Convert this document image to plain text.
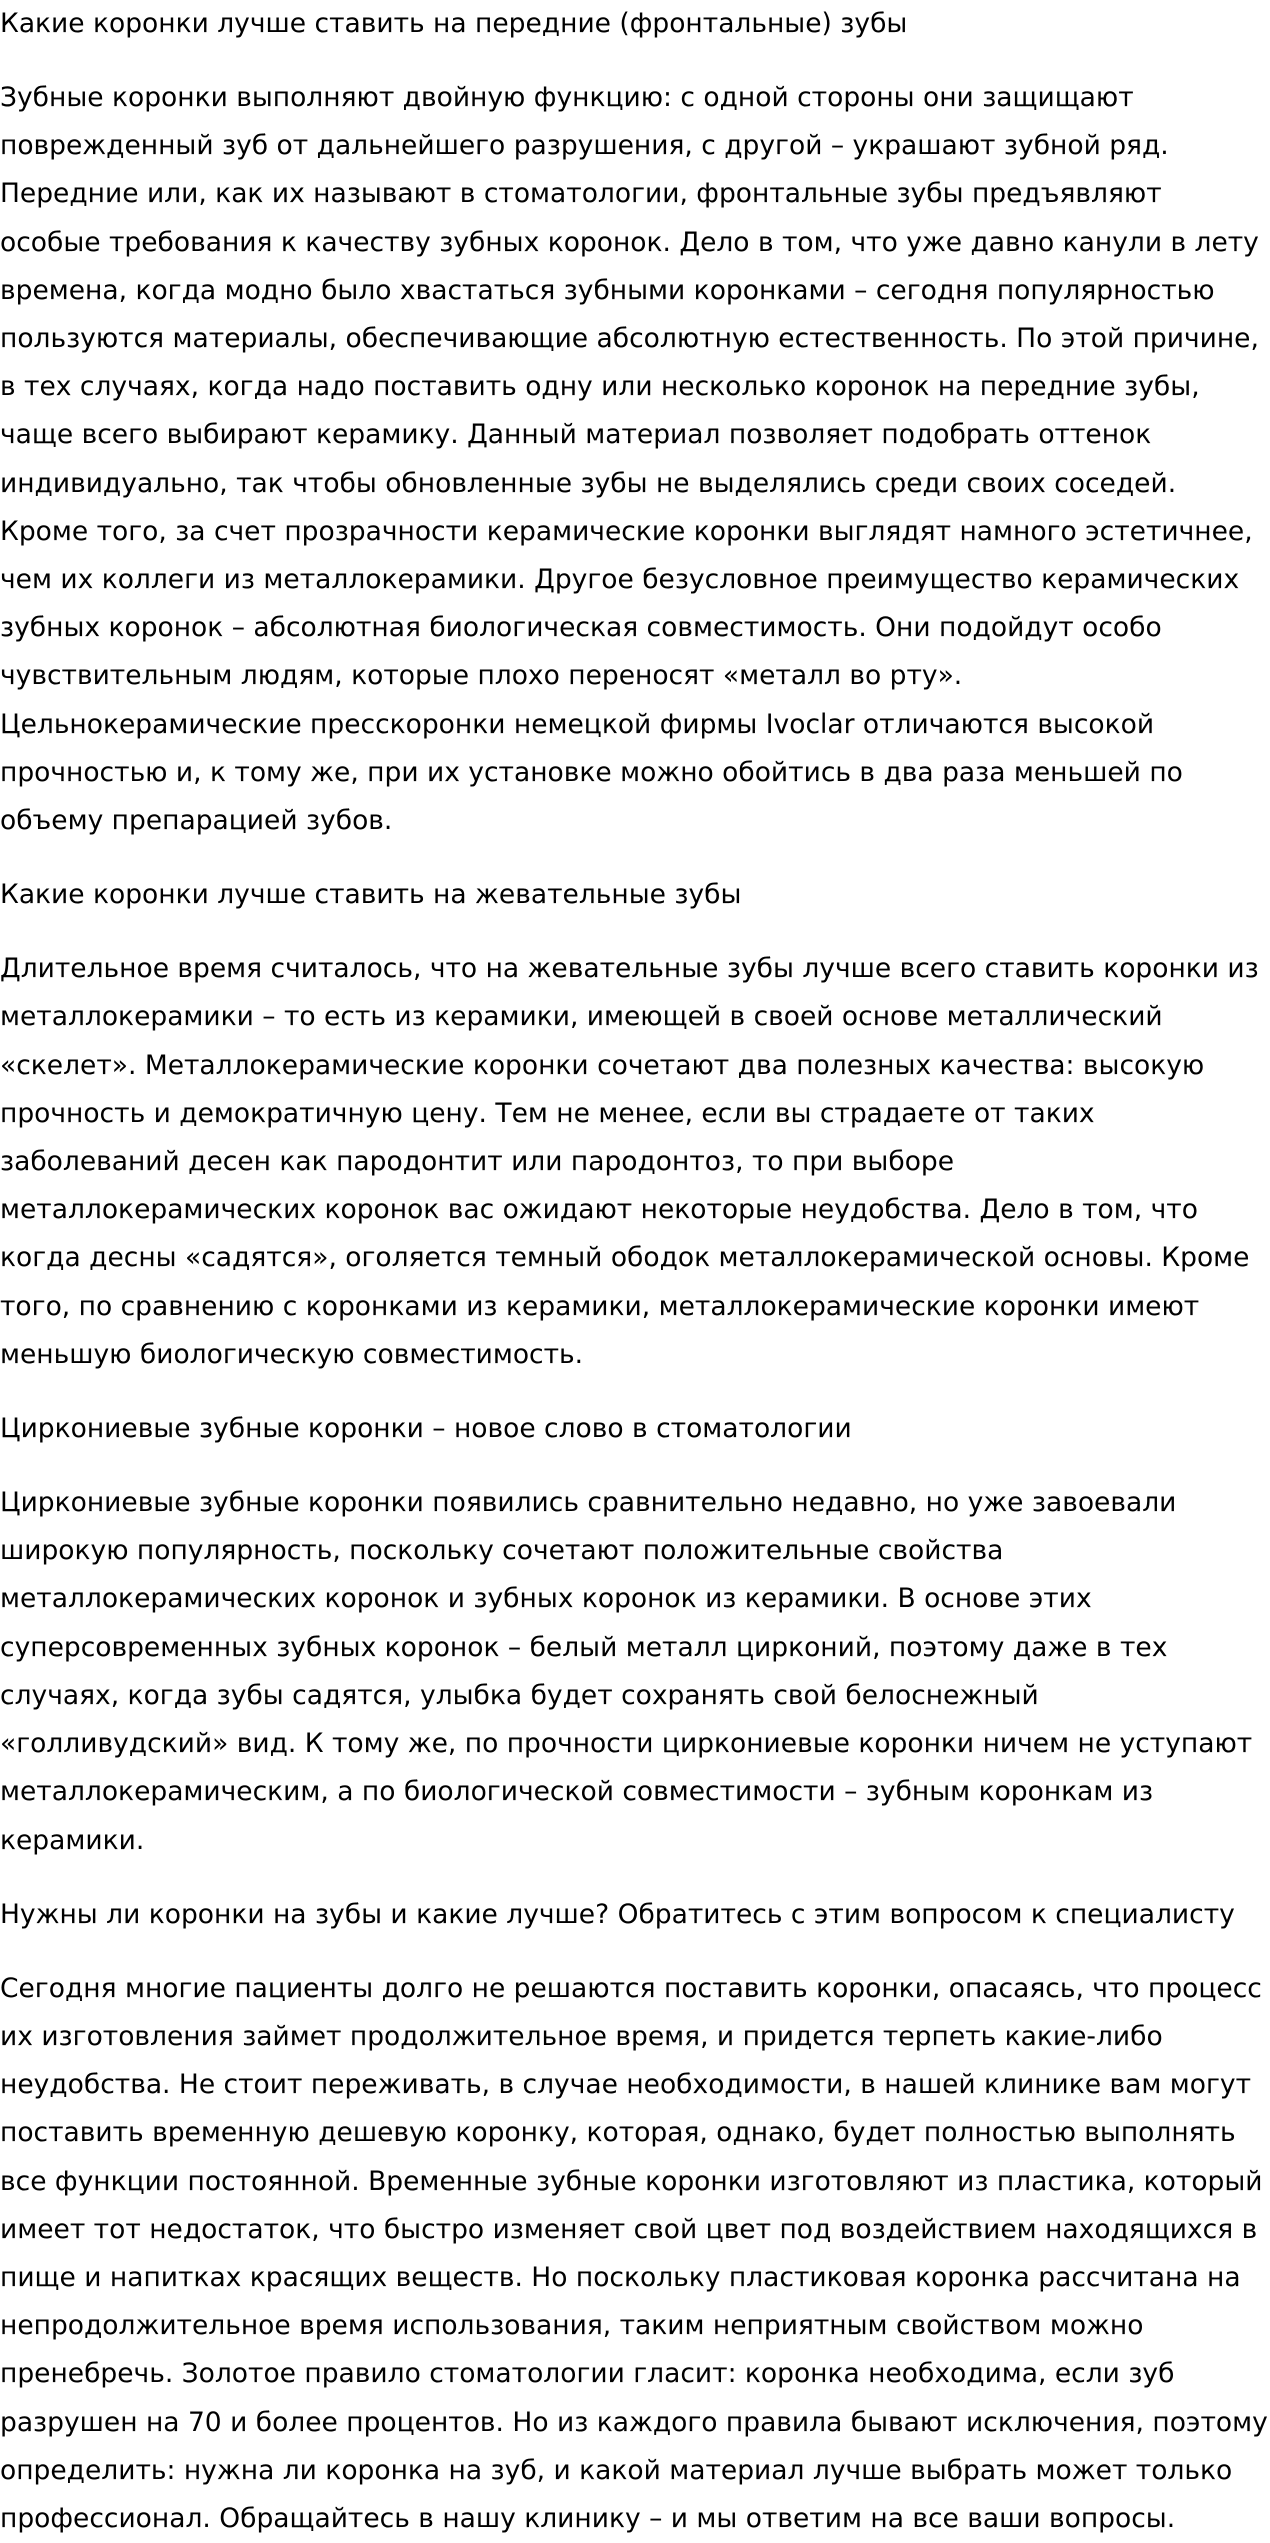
Какие коронки лучше ставить на передние (фронтальные) зубы

Зубные коронки выполняют двойную функцию: с одной стороны они защищают поврежденный зуб от дальнейшего разрушения, с другой – украшают зубной ряд. Передние или, как их называют в стоматологии, фронтальные зубы предъявляют особые требования к качеству зубных коронок. Дело в том, что уже давно канули в лету времена, когда модно было хвастаться зубными коронками – сегодня популярностью пользуются материалы, обеспечивающие абсолютную естественность. По этой причине, в тех случаях, когда надо поставить одну или несколько коронок на передние зубы, чаще всего выбирают керамику. Данный материал позволяет подобрать оттенок индивидуально, так чтобы обновленные зубы не выделялись среди своих соседей. Кроме того, за счет прозрачности керамические коронки выглядят намного эстетичнее, чем их коллеги из металлокерамики. Другое безусловное преимущество керамических зубных коронок – абсолютная биологическая совместимость. Они подойдут особо чувствительным людям, которые плохо переносят «металл во рту». Цельнокерамические пресскоронки немецкой фирмы Ivoclar отличаются высокой прочностью и, к тому же, при их установке можно обойтись в два раза меньшей по объему препарацией зубов.

Какие коронки лучше ставить на жевательные зубы

Длительное время считалось, что на жевательные зубы лучше всего ставить коронки из металлокерамики – то есть из керамики, имеющей в своей основе металлический «скелет». Металлокерамические коронки сочетают два полезных качества: высокую прочность и демократичную цену. Тем не менее, если вы страдаете от таких заболеваний десен как пародонтит или пародонтоз, то при выборе металлокерамических коронок вас ожидают некоторые неудобства. Дело в том, что когда десны «садятся», оголяется темный ободок металлокерамической основы. Кроме того, по сравнению с коронками из керамики, металлокерамические коронки имеют меньшую биологическую совместимость.

Циркониевые зубные коронки – новое слово в стоматологии

Циркониевые зубные коронки появились сравнительно недавно, но уже завоевали широкую популярность, поскольку сочетают положительные свойства металлокерамических коронок и зубных коронок из керамики. В основе этих суперсовременных зубных коронок – белый металл цирконий, поэтому даже в тех случаях, когда зубы садятся, улыбка будет сохранять свой белоснежный «голливудский» вид. К тому же, по прочности циркониевые коронки ничем не уступают металлокерамическим, а по биологической совместимости – зубным коронкам из керамики.

Нужны ли коронки на зубы и какие лучше? Обратитесь с этим вопросом к специалисту

Сегодня многие пациенты долго не решаются поставить коронки, опасаясь, что процесс их изготовления займет продолжительное время, и придется терпеть какие-либо неудобства. Не стоит переживать, в случае необходимости, в нашей клинике вам могут поставить временную дешевую коронку, которая, однако, будет полностью выполнять все функции постоянной. Временные зубные коронки изготовляют из пластика, который имеет тот недостаток, что быстро изменяет свой цвет под воздействием находящихся в пище и напитках красящих веществ. Но поскольку пластиковая коронка рассчитана на непродолжительное время использования, таким неприятным свойством можно пренебречь. Золотое правило стоматологии гласит: коронка необходима, если зуб разрушен на 70 и более процентов. Но из каждого правила бывают исключения, поэтому определить: нужна ли коронка на зуб, и какой материал лучше выбрать может только профессионал. Обращайтесь в нашу клинику – и мы ответим на все ваши вопросы.
